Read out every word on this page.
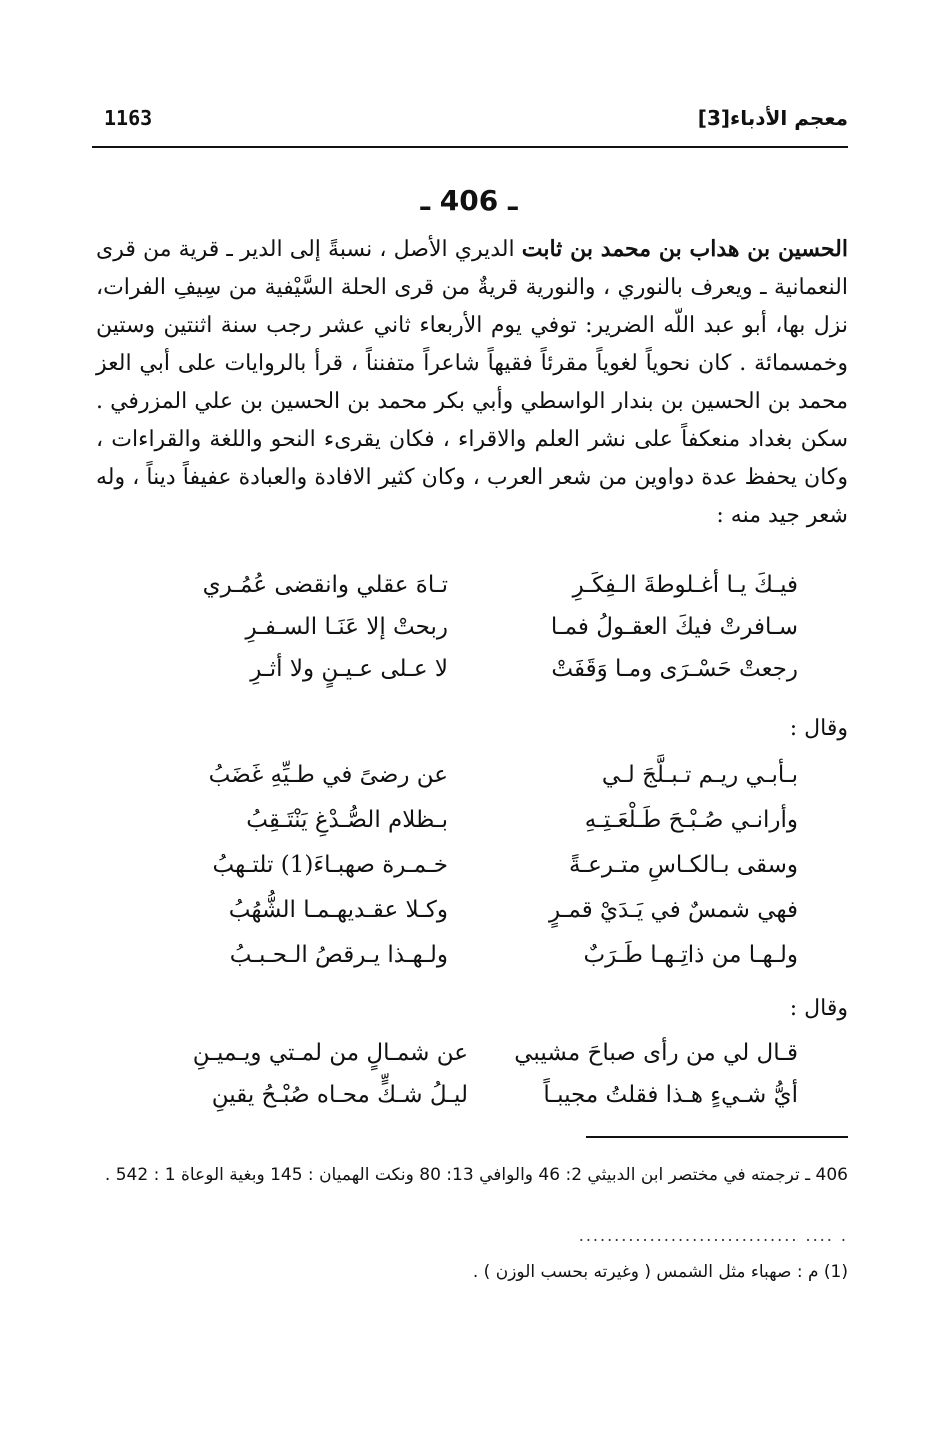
معجم الأدباء[3]
1163
ـ 406 ـ
الحسين بن هداب بن محمد بن ثابت الديري الأصل ، نسبةً إلى الدير ـ قرية من قرى النعمانية ـ ويعرف بالنوري ، والنورية قريةٌ من قرى الحلة السَّيْفية من سِيفِ الفرات، نزل بها، أبو عبد اللّه الضرير: توفي يوم الأربعاء ثاني عشر رجب سنة اثنتين وستين وخمسمائة . كان نحوياً لغوياً مقرئاً فقيهاً شاعراً متفنناً ، قرأ بالروايات على أبي العز محمد بن الحسين بن بندار الواسطي وأبي بكر محمد بن الحسين بن علي المزرفي . سكن بغداد منعكفاً على نشر العلم والاقراء ، فكان يقرىء النحو واللغة والقراءات ، وكان يحفظ عدة دواوين من شعر العرب ، وكان كثير الافادة والعبادة عفيفاً ديناً ، وله شعر جيد منه :
فيـكَ يـا أغـلوطةَ الـفِكَـرِ
تـاهَ عقلي وانقضى عُمُـري
سـافرتْ فيكَ العقـولُ فمـا
ربحتْ إلا عَنَـا السـفـرِ
رجعتْ حَسْـرَى ومـا وَقَفَتْ
لا عـلى عـيـنٍ ولا أثـرِ
وقال :
بـأبـي ريـم تـبـلَّجَ لـي
عن رضىً في طـيِّهِ غَضَبُ
وأرانـي صُـبْـحَ طَـلْعَـتِـهِ
بـظلام الصُّـدْغِ يَنْتَـقِبُ
وسقى بـالكـاسِ متـرعـةً
خـمـرة صهبـاءَ(1) تلتـهبُ
فهي شمسٌ في يَـدَيْ قمـرٍ
وكـلا عقـديهـمـا الشُّهُبُ
ولـهـا من ذاتِـهـا طَـرَبٌ
ولـهـذا يـرقصُ الـحـبـبُ
وقال :
قـال لي من رأى صباحَ مشيبي
عن شمـالٍ من لمـتي ويـميـنِ
أيُّ شـيءٍ هـذا فقلتُ مجيبـاً
ليـلُ شـكٍّ محـاه صُبْـحُ يقينِ
406 ـ ترجمته في مختصر ابن الدبيثي 2: 46 والوافي 13: 80 ونكت الهميان : 145 وبغية الوعاة 1 : 542 .
. .... ...............................
(1) م : صهباء مثل الشمس ( وغيرته بحسب الوزن ) .
